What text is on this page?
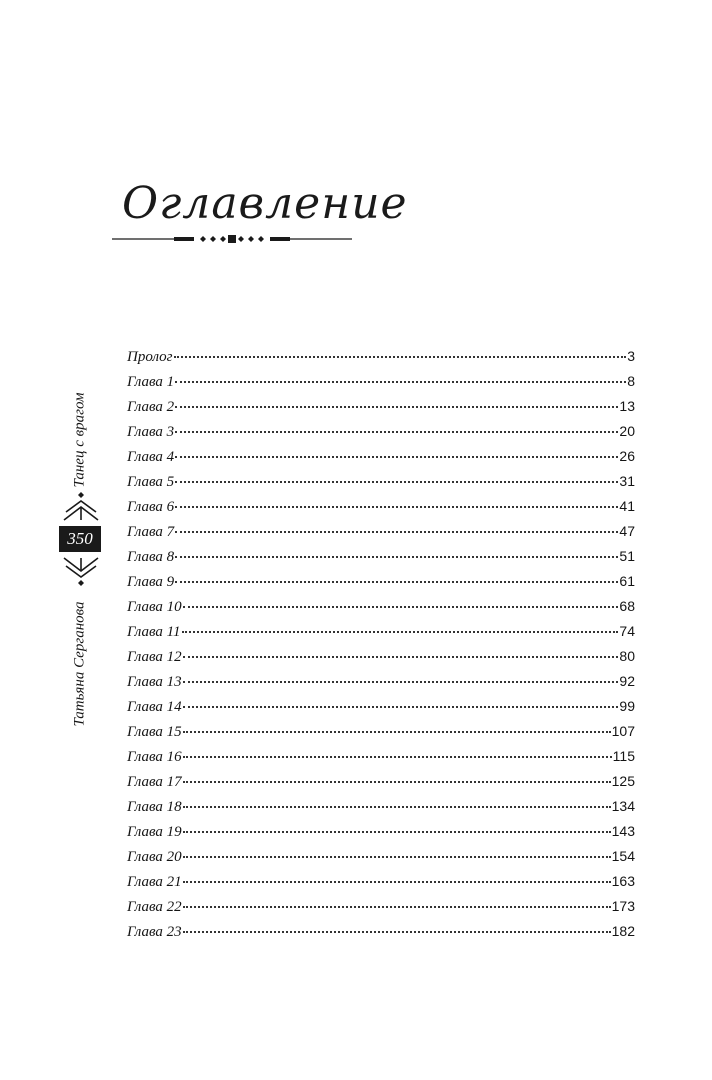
Оглавление
Танец с врагом
350
Татьяна Серганова
Пролог	3
Глава 1	8
Глава 2	13
Глава 3	20
Глава 4	26
Глава 5	31
Глава 6	41
Глава 7	47
Глава 8	51
Глава 9	61
Глава 10	68
Глава 11	74
Глава 12	80
Глава 13	92
Глава 14	99
Глава 15	107
Глава 16	115
Глава 17	125
Глава 18	134
Глава 19	143
Глава 20	154
Глава 21	163
Глава 22	173
Глава 23	182
